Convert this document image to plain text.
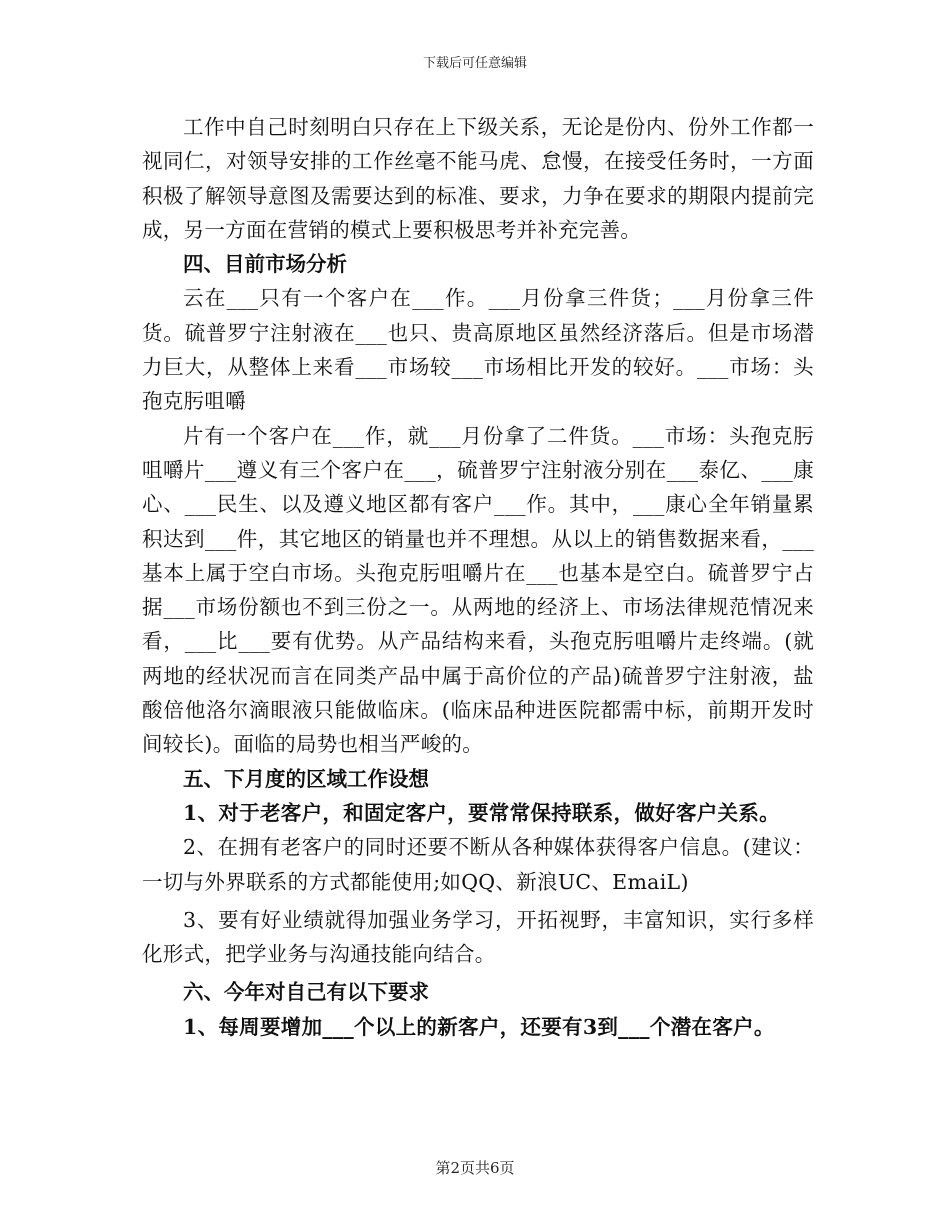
下载后可任意编辑

工作中自己时刻明白只存在上下级关系，无论是份内、份外工作都一视同仁，对领导安排的工作丝毫不能马虎、怠慢，在接受任务时，一方面积极了解领导意图及需要达到的标准、要求，力争在要求的期限内提前完成，另一方面在营销的模式上要积极思考并补充完善。

四、目前市场分析

云在___只有一个客户在___作。___月份拿三件货；___月份拿三件货。硫普罗宁注射液在___也只、贵高原地区虽然经济落后。但是市场潜力巨大，从整体上来看___市场较___市场相比开发的较好。___市场：头孢克肟咀嚼

片有一个客户在___作，就___月份拿了二件货。___市场：头孢克肟咀嚼片___遵义有三个客户在___，硫普罗宁注射液分别在___泰亿、___康心、___民生、以及遵义地区都有客户___作。其中，___康心全年销量累积达到___件，其它地区的销量也并不理想。从以上的销售数据来看，___基本上属于空白市场。头孢克肟咀嚼片在___也基本是空白。硫普罗宁占据___市场份额也不到三份之一。从两地的经济上、市场法律规范情况来看，___比___要有优势。从产品结构来看，头孢克肟咀嚼片走终端。(就两地的经状况而言在同类产品中属于高价位的产品)硫普罗宁注射液，盐酸倍他洛尔滴眼液只能做临床。(临床品种进医院都需中标，前期开发时间较长)。面临的局势也相当严峻的。

五、下月度的区域工作设想

1、对于老客户，和固定客户，要常常保持联系，做好客户关系。

2、在拥有老客户的同时还要不断从各种媒体获得客户信息。(建议：一切与外界联系的方式都能使用;如QQ、新浪UC、EmaiL)

3、要有好业绩就得加强业务学习，开拓视野，丰富知识，实行多样化形式，把学业务与沟通技能向结合。

六、今年对自己有以下要求

1、每周要增加___个以上的新客户，还要有3到___个潜在客户。

第2页共6页
